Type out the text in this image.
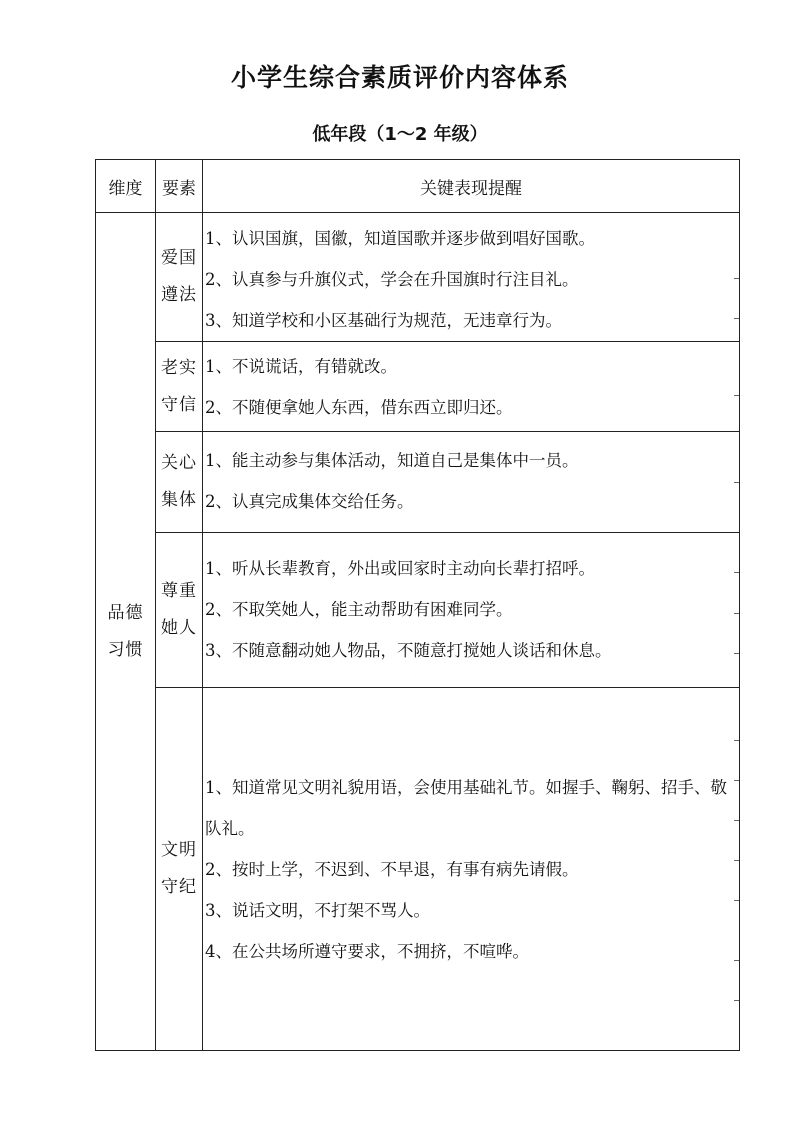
小学生综合素质评价内容体系
低年段（1～2 年级）
维度	要素	关键表现提醒
品德习惯
爱国遵法
1、认识国旗，国徽，知道国歌并逐步做到唱好国歌。
2、认真参与升旗仪式，学会在升国旗时行注目礼。
3、知道学校和小区基础行为规范，无违章行为。
老实守信
1、不说谎话，有错就改。
2、不随便拿她人东西，借东西立即归还。
关心集体
1、能主动参与集体活动，知道自己是集体中一员。
2、认真完成集体交给任务。
尊重她人
1、听从长辈教育，外出或回家时主动向长辈打招呼。
2、不取笑她人，能主动帮助有困难同学。
3、不随意翻动她人物品，不随意打搅她人谈话和休息。
文明守纪
1、知道常见文明礼貌用语，会使用基础礼节。如握手、鞠躬、招手、敬队礼。
2、按时上学，不迟到、不早退，有事有病先请假。
3、说话文明，不打架不骂人。
4、在公共场所遵守要求，不拥挤，不喧哗。
